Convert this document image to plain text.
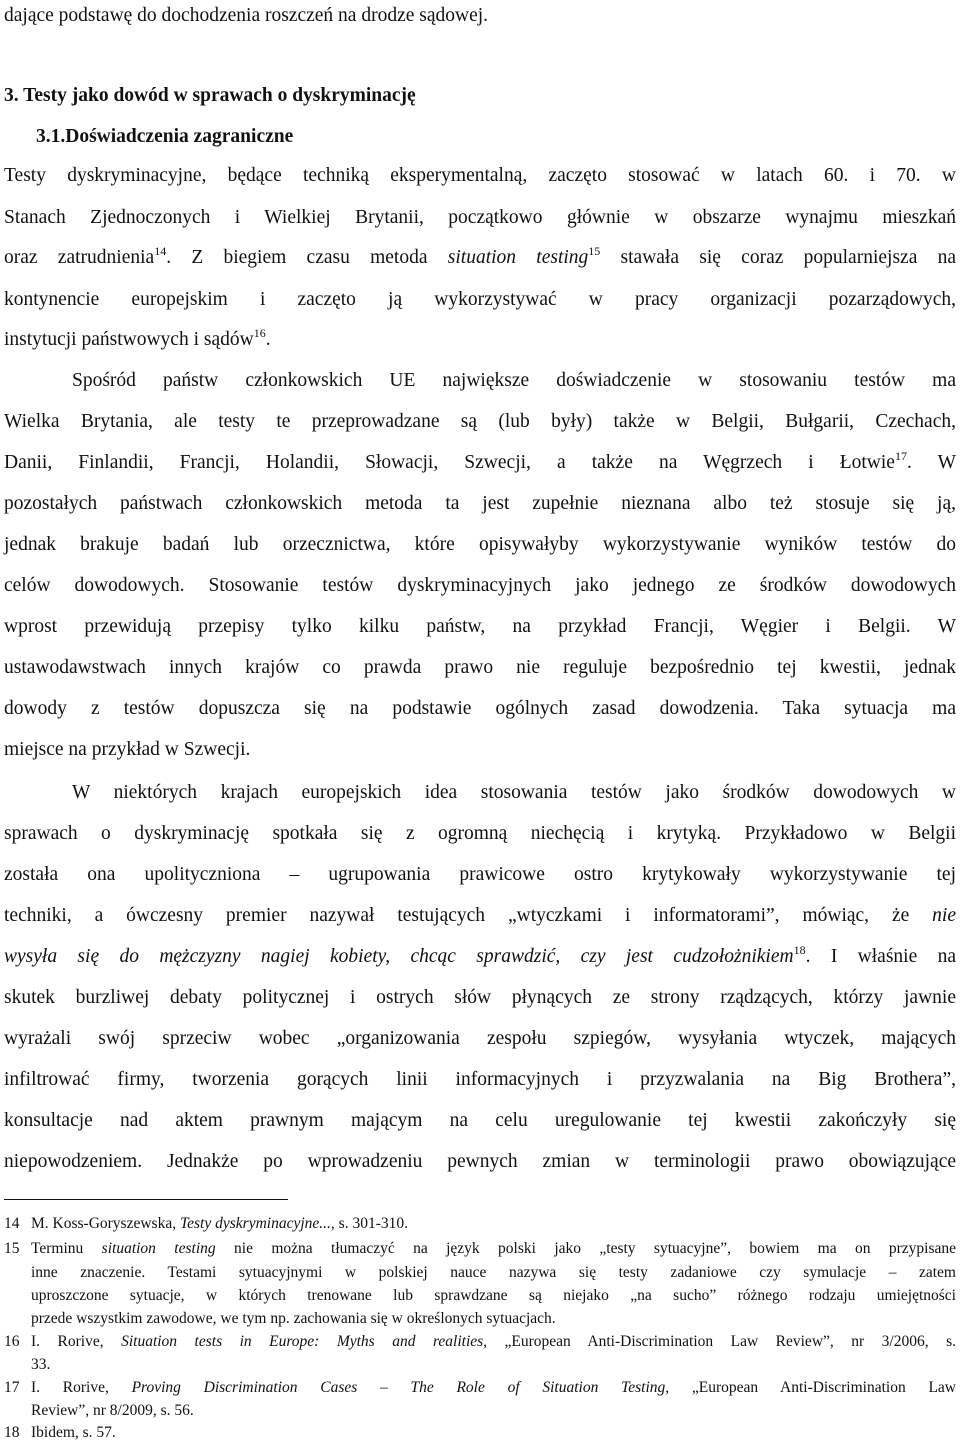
dające podstawę do dochodzenia roszczeń na drodze sądowej.
3. Testy jako dowód w sprawach o dyskryminację
3.1.Doświadczenia zagraniczne
Testy dyskryminacyjne, będące techniką eksperymentalną, zaczęto stosować w latach 60. i 70. w
Stanach Zjednoczonych i Wielkiej Brytanii, początkowo głównie w obszarze wynajmu mieszkań
oraz zatrudnienia$^{14}$. Z biegiem czasu metoda situation testing$^{15}$ stawała się coraz popularniejsza na
kontynencie europejskim i zaczęto ją wykorzystywać w pracy organizacji pozarządowych,
instytucji państwowych i sądów$^{16}$.
Spośród państw członkowskich UE największe doświadczenie w stosowaniu testów ma
Wielka Brytania, ale testy te przeprowadzane są (lub były) także w Belgii, Bułgarii, Czechach,
Danii, Finlandii, Francji, Holandii, Słowacji, Szwecji, a także na Węgrzech i Łotwie$^{17}$. W
pozostałych państwach członkowskich metoda ta jest zupełnie nieznana albo też stosuje się ją,
jednak brakuje badań lub orzecznictwa, które opisywałyby wykorzystywanie wyników testów do
celów dowodowych. Stosowanie testów dyskryminacyjnych jako jednego ze środków dowodowych
wprost przewidują przepisy tylko kilku państw, na przykład Francji, Węgier i Belgii. W
ustawodawstwach innych krajów co prawda prawo nie reguluje bezpośrednio tej kwestii, jednak
dowody z testów dopuszcza się na podstawie ogólnych zasad dowodzenia. Taka sytuacja ma
miejsce na przykład w Szwecji.
W niektórych krajach europejskich idea stosowania testów jako środków dowodowych w
sprawach o dyskryminację spotkała się z ogromną niechęcią i krytyką. Przykładowo w Belgii
została ona upolityczniona – ugrupowania prawicowe ostro krytykowały wykorzystywanie tej
techniki, a ówczesny premier nazywał testujących „wtyczkami i informatorami”, mówiąc, że nie
wysyła się do mężczyzny nagiej kobiety, chcąc sprawdzić, czy jest cudzołożnikiem$^{18}$. I właśnie na
skutek burzliwej debaty politycznej i ostrych słów płynących ze strony rządzących, którzy jawnie
wyrażali swój sprzeciw wobec „organizowania zespołu szpiegów, wysyłania wtyczek, mających
infiltrować firmy, tworzenia gorących linii informacyjnych i przyzwalania na Big Brothera”,
konsultacje nad aktem prawnym mającym na celu uregulowanie tej kwestii zakończyły się
niepowodzeniem. Jednakże po wprowadzeniu pewnych zmian w terminologii prawo obowiązujące
14 M. Koss-Goryszewska, Testy dyskryminacyjne..., s. 301-310.
15 Terminu situation testing nie można tłumaczyć na język polski jako „testy sytuacyjne”, bowiem ma on przypisane
inne znaczenie. Testami sytuacyjnymi w polskiej nauce nazywa się testy zadaniowe czy symulacje – zatem
uproszczone sytuacje, w których trenowane lub sprawdzane są niejako „na sucho” różnego rodzaju umiejętności
przede wszystkim zawodowe, we tym np. zachowania się w określonych sytuacjach.
16 I. Rorive, Situation tests in Europe: Myths and realities, „European Anti-Discrimination Law Review”, nr 3/2006, s.
33.
17 I. Rorive, Proving Discrimination Cases – The Role of Situation Testing, „European Anti-Discrimination Law
Review”, nr 8/2009, s. 56.
18 Ibidem, s. 57.
